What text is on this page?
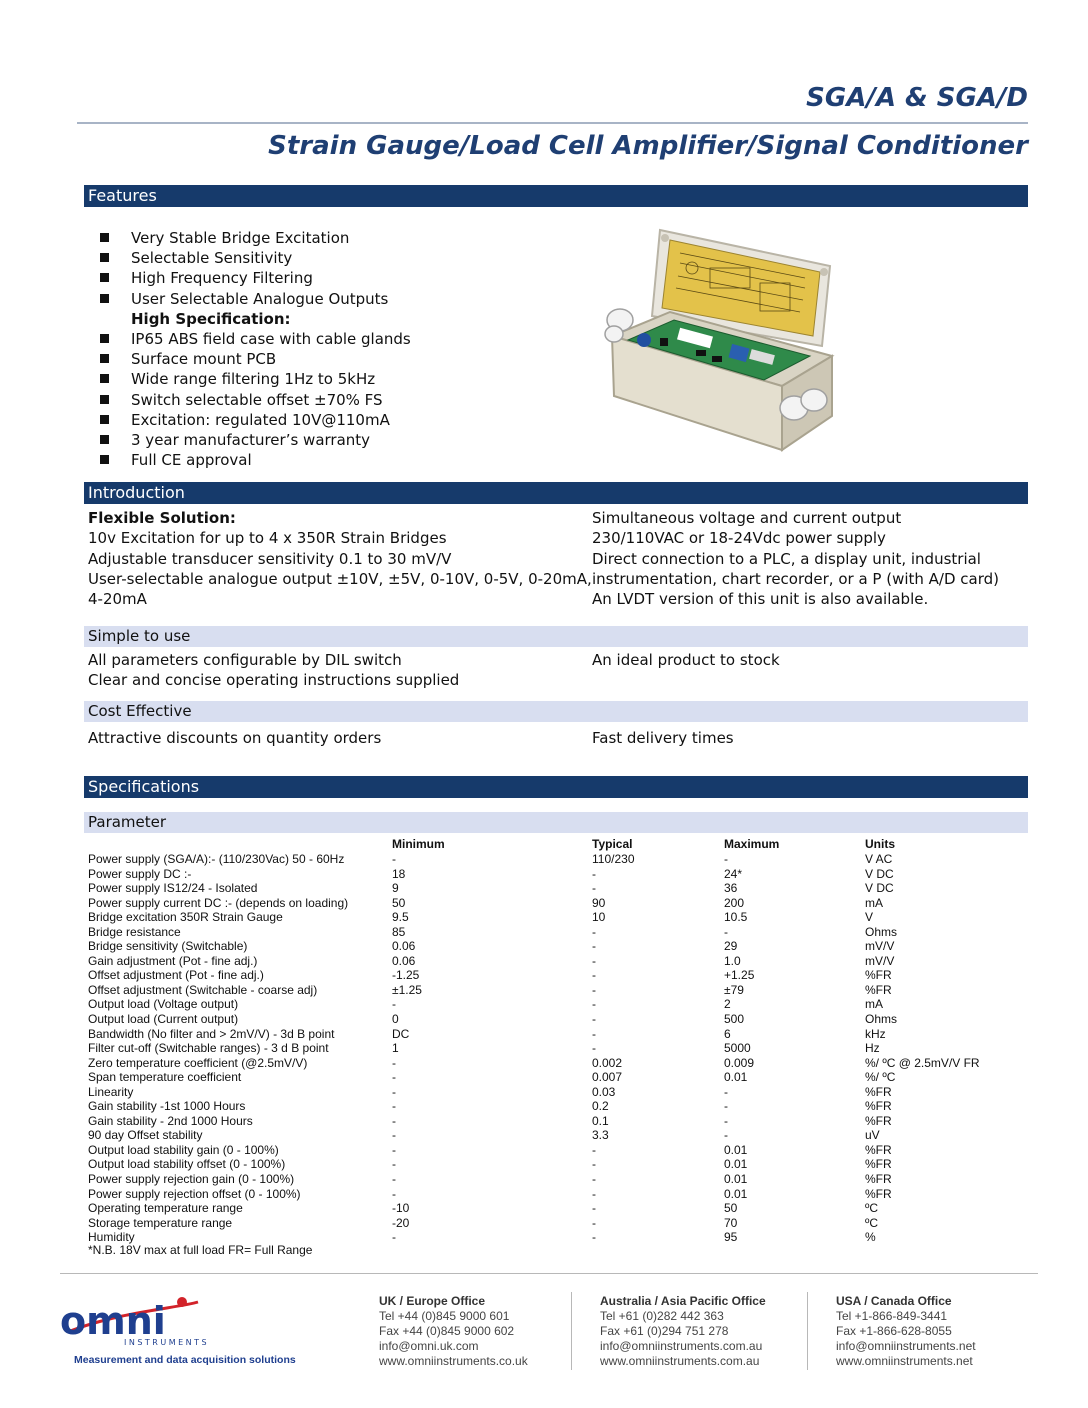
SGA/A & SGA/D
Strain Gauge/Load Cell Amplifier/Signal Conditioner
Features
Very Stable Bridge Excitation
Selectable Sensitivity
High Frequency Filtering
User Selectable Analogue Outputs
High Specification:
IP65 ABS field case with cable glands
Surface mount PCB
Wide range filtering 1Hz to 5kHz
Switch selectable offset ±70% FS
Excitation: regulated 10V@110mA
3 year manufacturer’s warranty
Full CE approval
Introduction
Flexible Solution:
10v Excitation for up to 4 x 350R Strain Bridges
Adjustable transducer sensitivity 0.1 to 30 mV/V
User-selectable analogue output ±10V, ±5V, 0-10V, 0-5V, 0-20mA,
4-20mA
Simultaneous voltage and current output
230/110VAC or 18-24Vdc power supply
Direct connection to a PLC, a display unit, industrial
instrumentation, chart recorder, or a P (with A/D card)
An LVDT version of this unit is also available.
Simple to use
All parameters configurable by DIL switch
Clear and concise operating instructions supplied
An ideal product to stock
Cost Effective
Attractive discounts on quantity orders	Fast delivery times
Specifications
Parameter
Minimum	Typical	Maximum	Units
Power supply (SGA/A):- (110/230Vac) 50 - 60Hz	-	110/230	-	V AC
Power supply DC :-	18	-	24*	V DC
Power supply IS12/24 - Isolated	9	-	36	V DC
Power supply current DC :- (depends on loading)	50	90	200	mA
Bridge excitation 350R Strain Gauge	9.5	10	10.5	V
Bridge resistance	85	-	-	Ohms
Bridge sensitivity (Switchable)	0.06	-	29	mV/V
Gain adjustment (Pot - fine adj.)	0.06	-	1.0	mV/V
Offset adjustment (Pot - fine adj.)	-1.25	-	+1.25	%FR
Offset adjustment (Switchable - coarse adj)	±1.25	-	±79	%FR
Output load (Voltage output)	-	-	2	mA
Output load (Current output)	0	-	500	Ohms
Bandwidth (No filter and > 2mV/V) - 3d B point	DC	-	6	kHz
Filter cut-off (Switchable ranges) - 3 d B point	1	-	5000	Hz
Zero temperature coefficient (@2.5mV/V)	-	0.002	0.009	%/ ºC @ 2.5mV/V FR
Span temperature coefficient	-	0.007	0.01	%/ ºC
Linearity	-	0.03	-	%FR
Gain stability -1st 1000 Hours	-	0.2	-	%FR
Gain stability - 2nd 1000 Hours	-	0.1	-	%FR
90 day Offset stability	-	3.3	-	uV
Output load stability gain (0 - 100%)	-	-	0.01	%FR
Output load stability offset (0 - 100%)	-	-	0.01	%FR
Power supply rejection gain (0 - 100%)	-	-	0.01	%FR
Power supply rejection offset (0 - 100%)	-	-	0.01	%FR
Operating temperature range	-10	-	50	ºC
Storage temperature range	-20	-	70	ºC
Humidity	-	-	95	%
*N.B. 18V max at full load FR= Full Range
omni
INSTRUMENTS
Measurement and data acquisition solutions
UK / Europe Office
Tel +44 (0)845 9000 601
Fax +44 (0)845 9000 602
info@omni.uk.com
www.omniinstruments.co.uk
Australia / Asia Pacific Office
Tel +61 (0)282 442 363
Fax +61 (0)294 751 278
info@omniinstruments.com.au
www.omniinstruments.com.au
USA / Canada Office
Tel +1-866-849-3441
Fax +1-866-628-8055
info@omniinstruments.net
www.omniinstruments.net
